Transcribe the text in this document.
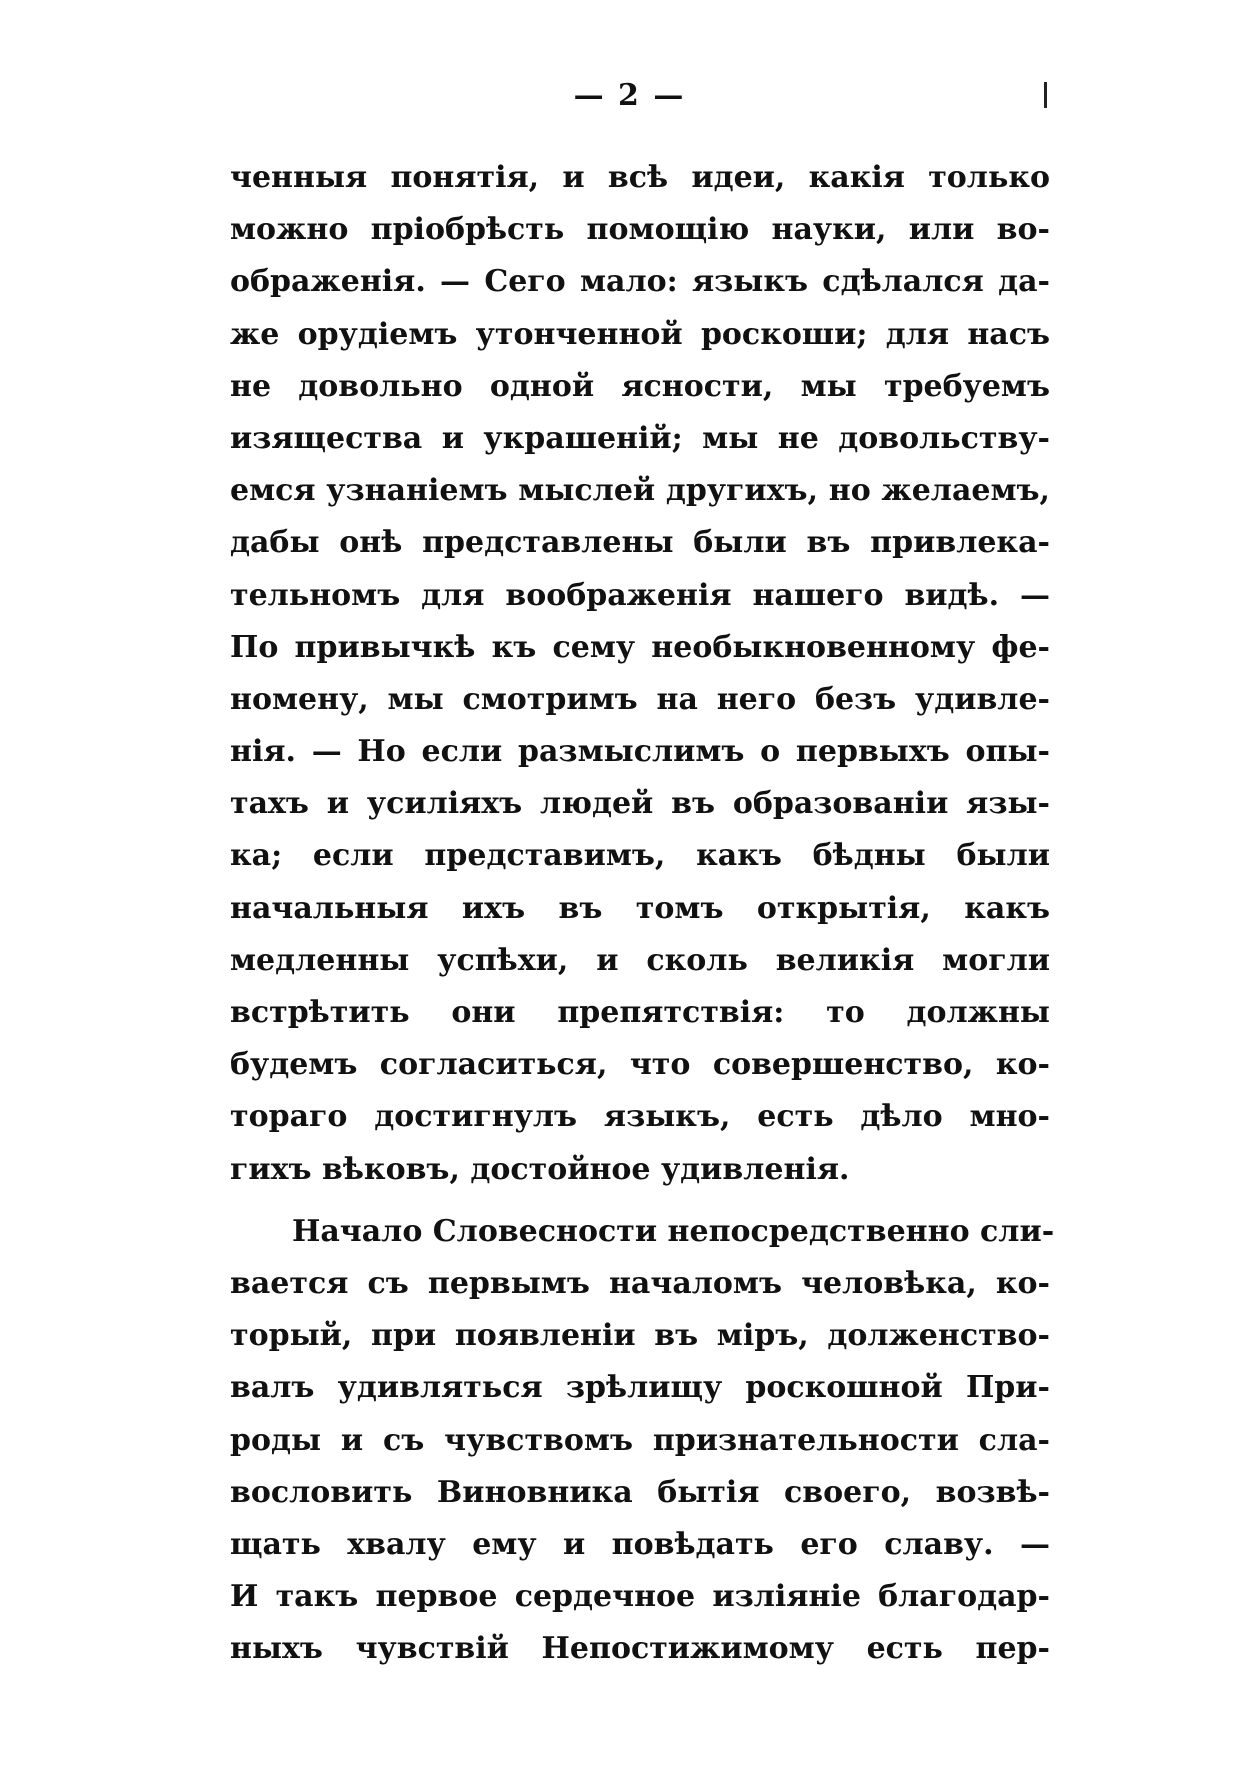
— 2 —
ченныя понятія, и всѣ идеи, какія только
можно пріобрѣсть помощію науки, или во-
ображенія. — Сего мало: языкъ сдѣлался да-
же орудіемъ утонченной роскоши; для насъ
не довольно одной ясности, мы требуемъ
изящества и украшеній; мы не довольству-
емся узнаніемъ мыслей другихъ, но желаемъ,
дабы онѣ представлены были въ привлека-
тельномъ для воображенія нашего видѣ. —
По привычкѣ къ сему необыкновенному фе-
номену, мы смотримъ на него безъ удивле-
нія. — Но если размыслимъ о первыхъ опы-
тахъ и усиліяхъ людей въ образованіи язы-
ка; если представимъ, какъ бѣдны были
начальныя ихъ въ томъ открытія, какъ
медленны успѣхи, и сколь великія могли
встрѣтить они препятствія: то должны
будемъ согласиться, что совершенство, ко-
тораго достигнулъ языкъ, есть дѣло мно-
гихъ вѣковъ, достойное удивленія.
Начало Словесности непосредственно сли-
вается съ первымъ началомъ человѣка, ко-
торый, при появленіи въ міръ, долженство-
валъ удивляться зрѣлищу роскошной При-
роды и съ чувствомъ признательности сла-
вословить Виновника бытія своего, возвѣ-
щать хвалу ему и повѣдать его славу. —
И такъ первое сердечное изліяніе благодар-
ныхъ чувствій Непостижимому есть пер-
